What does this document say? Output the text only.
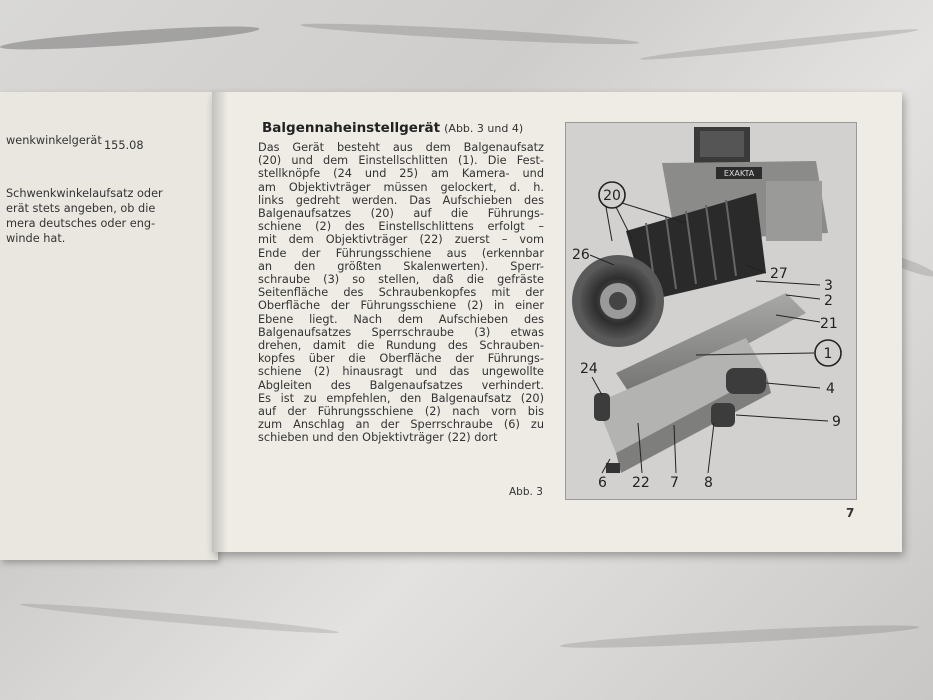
wenkwinkelgerät 155.08
Schwenkwinkelaufsatz oder
erät stets angeben, ob die
mera deutsches oder eng-
winde hat.
Balgennaheinstellgerät (Abb. 3 und 4)
Das Gerät besteht aus dem Balgenaufsatz
(20) und dem Einstellschlitten (1). Die Fest-
stellknöpfe (24 und 25) am Kamera- und
am Objektivträger müssen gelockert, d. h.
links gedreht werden. Das Aufschieben des
Balgenaufsatzes (20) auf die Führungs-
schiene (2) des Einstellschlittens erfolgt –
mit dem Objektivträger (22) zuerst – vom
Ende der Führungsschiene aus (erkennbar
an den größten Skalenwerten). Sperr-
schraube (3) so stellen, daß die gefräste
Seitenfläche des Schraubenkopfes mit der
Oberfläche der Führungsschiene (2) in einer
Ebene liegt. Nach dem Aufschieben des
Balgenaufsatzes Sperrschraube (3) etwas
drehen, damit die Rundung des Schrauben-
kopfes über die Oberfläche der Führungs-
schiene (2) hinausragt und das ungewollte
Abgleiten des Balgenaufsatzes verhindert.
Es ist zu empfehlen, den Balgenaufsatz (20)
auf der Führungsschiene (2) nach vorn bis
zum Anschlag an der Sperrschraube (6) zu
schieben und den Objektivträger (22) dort
Abb. 3
7
EXAKTA
20
26
27
3
2
21
1
24
4
9
6 22 7 8
